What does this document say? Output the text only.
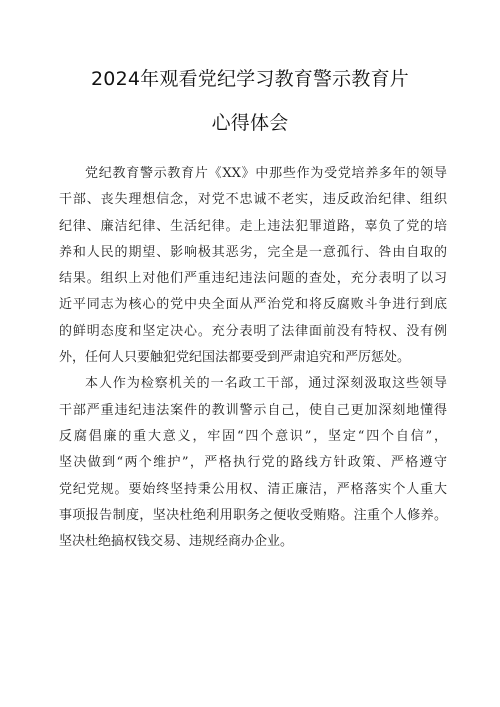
2024年观看党纪学习教育警示教育片
心得体会
党纪教育警示教育片《XX》中那些作为受党培养多年的领导
干部、丧失理想信念，对党不忠诚不老实，违反政治纪律、组织
纪律、廉洁纪律、生活纪律。走上违法犯罪道路，辜负了党的培
养和人民的期望、影响极其恶劣，完全是一意孤行、咎由自取的
结果。组织上对他们严重违纪违法问题的查处，充分表明了以习
近平同志为核心的党中央全面从严治党和将反腐败斗争进行到底
的鲜明态度和坚定决心。充分表明了法律面前没有特权、没有例
外，任何人只要触犯党纪国法都要受到严肃追究和严厉惩处。
本人作为检察机关的一名政工干部，通过深刻汲取这些领导
干部严重违纪违法案件的教训警示自己，使自己更加深刻地懂得
反腐倡廉的重大意义，牢固“四个意识”，坚定“四个自信”，
坚决做到“两个维护”，严格执行党的路线方针政策、严格遵守
党纪党规。要始终坚持秉公用权、清正廉洁，严格落实个人重大
事项报告制度，坚决杜绝利用职务之便收受贿赂。注重个人修养。
坚决杜绝搞权钱交易、违规经商办企业。
